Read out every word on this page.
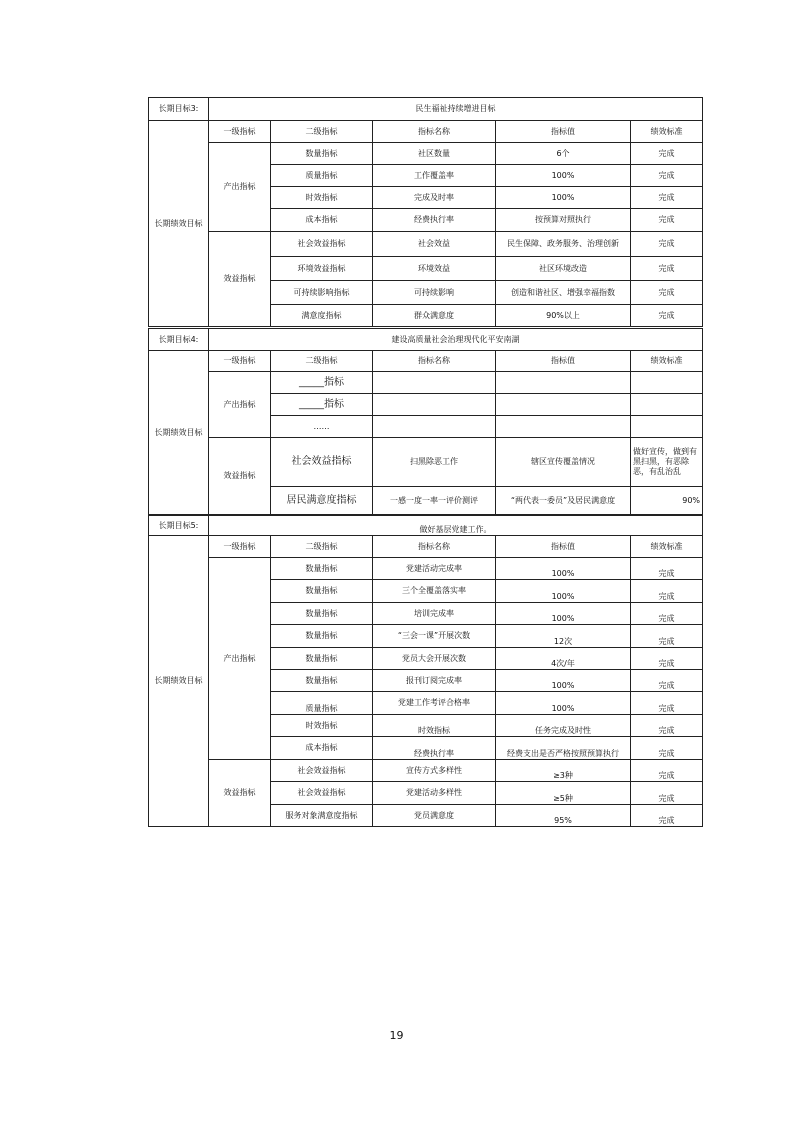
长期目标3:	民生福祉持续增进目标				
长期绩效目标	一级指标	二级指标	指标名称	指标值	绩效标准
	产出指标	数量指标	社区数量	6个	完成
		质量指标	工作覆盖率	100%	完成
		时效指标	完成及时率	100%	完成
		成本指标	经费执行率	按预算对照执行	完成
	效益指标	社会效益指标	社会效益	民生保障、政务服务、治理创新	完成
		环境效益指标	环境效益	社区环境改造	完成
		可持续影响指标	可持续影响	创造和谐社区、增强幸福指数	完成
		满意度指标	群众满意度	90%以上	完成
长期目标4:	建设高质量社会治理现代化平安南湖				
长期绩效目标	一级指标	二级指标	指标名称	指标值	绩效标准
	产出指标	_____指标			
		_____指标			
		……			
	效益指标	社会效益指标	扫黑除恶工作	辖区宣传覆盖情况	做好宣传，做到有黑扫黑，有恶除恶，有乱治乱
		居民满意度指标	一感一度一率一评价测评	“两代表一委员”及居民满意度	90%
长期目标5:	做好基层党建工作。				
长期绩效目标	一级指标	二级指标	指标名称	指标值	绩效标准
	产出指标	数量指标	党建活动完成率	100%	完成
		数量指标	三个全覆盖落实率	100%	完成
		数量指标	培训完成率	100%	完成
		数量指标	“三会一课”开展次数	12次	完成
		数量指标	党员大会开展次数	4次/年	完成
		数量指标	报刊订阅完成率	100%	完成
		质量指标	党建工作考评合格率	100%	完成
		时效指标	时效指标	任务完成及时性	完成
		成本指标	经费执行率	经费支出是否严格按照预算执行	完成
	效益指标	社会效益指标	宣传方式多样性	≥3种	完成
		社会效益指标	党建活动多样性	≥5种	完成
		服务对象满意度指标	党员满意度	95%	完成
19
